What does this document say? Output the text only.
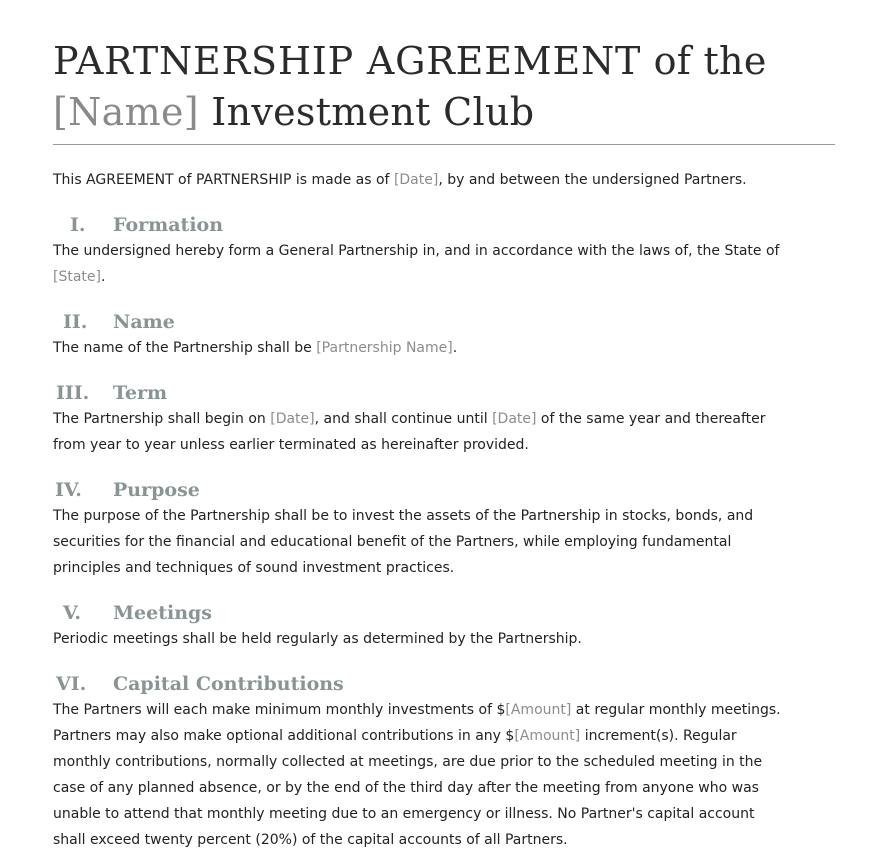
PARTNERSHIP AGREEMENT of the
[Name] Investment Club

This AGREEMENT of PARTNERSHIP is made as of [Date], by and between the undersigned Partners.

I. Formation

The undersigned hereby form a General Partnership in, and in accordance with the laws of, the State of
[State].

II. Name

The name of the Partnership shall be [Partnership Name].

III. Term

The Partnership shall begin on [Date], and shall continue until [Date] of the same year and thereafter
from year to year unless earlier terminated as hereinafter provided.

IV. Purpose

The purpose of the Partnership shall be to invest the assets of the Partnership in stocks, bonds, and
securities for the financial and educational benefit of the Partners, while employing fundamental
principles and techniques of sound investment practices.

V. Meetings

Periodic meetings shall be held regularly as determined by the Partnership.

VI. Capital Contributions

The Partners will each make minimum monthly investments of $[Amount] at regular monthly meetings.
Partners may also make optional additional contributions in any $[Amount] increment(s). Regular
monthly contributions, normally collected at meetings, are due prior to the scheduled meeting in the
case of any planned absence, or by the end of the third day after the meeting from anyone who was
unable to attend that monthly meeting due to an emergency or illness. No Partner's capital account
shall exceed twenty percent (20%) of the capital accounts of all Partners.
